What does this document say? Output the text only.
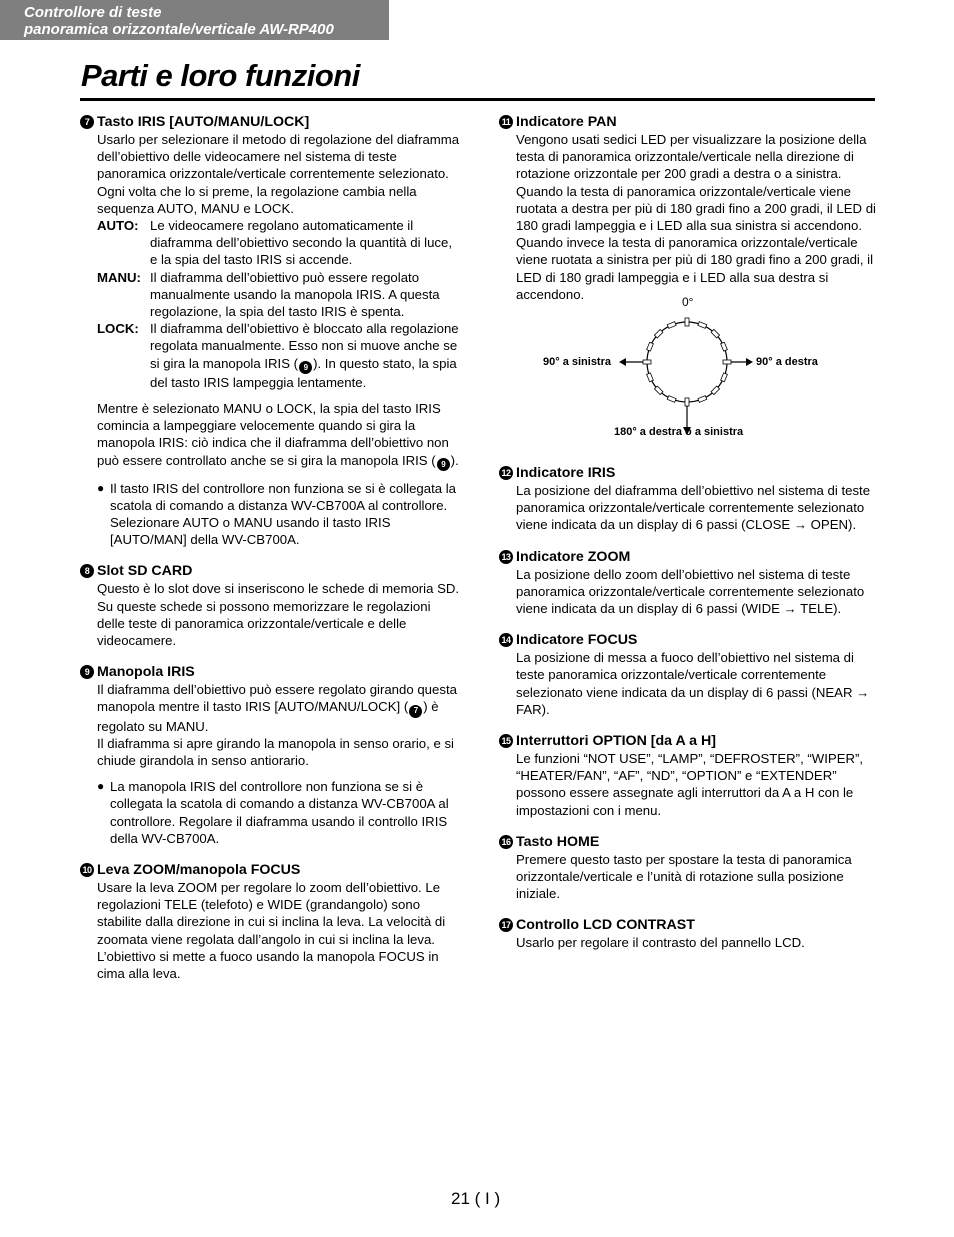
Controllore di teste
panoramica orizzontale/verticale AW-RP400
Parti e loro funzioni
7 Tasto IRIS [AUTO/MANU/LOCK]

Usarlo per selezionare il metodo di regolazione del diaframma dell’obiettivo delle videocamere nel sistema di teste panoramica orizzontale/verticale correntemente selezionato.

Ogni volta che lo si preme, la regolazione cambia nella sequenza AUTO, MANU e LOCK.

AUTO: Le videocamere regolano automaticamente il diaframma dell’obiettivo secondo la quantità di luce, e la spia del tasto IRIS si accende.
MANU: Il diaframma dell’obiettivo può essere regolato manualmente usando la manopola IRIS. A questa regolazione, la spia del tasto IRIS è spenta.
LOCK: Il diaframma dell’obiettivo è bloccato alla regolazione regolata manualmente. Esso non si muove anche se si gira la manopola IRIS ( 9 ). In questo stato, la spia del tasto IRIS lampeggia lentamente.

Mentre è selezionato MANU o LOCK, la spia del tasto IRIS comincia a lampeggiare velocemente quando si gira la manopola IRIS: ciò indica che il diaframma dell’obiettivo non può essere controllato anche se si gira la manopola IRIS ( 9 ).

● Il tasto IRIS del controllore non funziona se si è collegata la scatola di comando a distanza WV-CB700A al controllore. Selezionare AUTO o MANU usando il tasto IRIS [AUTO/MAN] della WV-CB700A.
8 Slot SD CARD

Questo è lo slot dove si inseriscono le schede di memoria SD.

Su queste schede si possono memorizzare le regolazioni delle teste di panoramica orizzontale/verticale e delle videocamere.

9 Manopola IRIS

Il diaframma dell’obiettivo può essere regolato girando questa manopola mentre il tasto IRIS [AUTO/MANU/LOCK] ( 7 ) è regolato su MANU.

Il diaframma si apre girando la manopola in senso orario, e si chiude girandola in senso antiorario.

● La manopola IRIS del controllore non funziona se si è collegata la scatola di comando a distanza WV-CB700A al controllore. Regolare il diaframma usando il controllo IRIS della WV-CB700A.
10 Leva ZOOM/manopola FOCUS

Usare la leva ZOOM per regolare lo zoom dell’obiettivo. Le regolazioni TELE (telefoto) e WIDE (grandangolo) sono stabilite dalla direzione in cui si inclina la leva. La velocità di zoomata viene regolata dall’angolo in cui si inclina la leva.

L’obiettivo si mette a fuoco usando la manopola FOCUS in cima alla leva.

11 Indicatore PAN

Vengono usati sedici LED per visualizzare la posizione della testa di panoramica orizzontale/verticale nella direzione di rotazione orizzontale per 200 gradi a destra o a sinistra.

Quando la testa di panoramica orizzontale/verticale viene ruotata a destra per più di 180 gradi fino a 200 gradi, il LED di 180 gradi lampeggia e i LED alla sua sinistra si accendono.

Quando invece la testa di panoramica orizzontale/verticale viene ruotata a sinistra per più di 180 gradi fino a 200 gradi, il LED di 180 gradi lampeggia e i LED alla sua destra si accendono.

0°
90° a sinistra	90° a destra
180° a destra o a sinistra
12 Indicatore IRIS

La posizione del diaframma dell’obiettivo nel sistema di teste panoramica orizzontale/verticale correntemente selezionato viene indicata da un display di 6 passi (CLOSE → OPEN).

13 Indicatore ZOOM

La posizione dello zoom dell’obiettivo nel sistema di teste panoramica orizzontale/verticale correntemente selezionato viene indicata da un display di 6 passi (WIDE → TELE).

14 Indicatore FOCUS

La posizione di messa a fuoco dell’obiettivo nel sistema di teste panoramica orizzontale/verticale correntemente selezionato viene indicata da un display di 6 passi (NEAR → FAR).

15 Interruttori OPTION [da A a H]

Le funzioni “NOT USE”, “LAMP”, “DEFROSTER”, “WIPER”, “HEATER/FAN”, “AF”, “ND”, “OPTION” e “EXTENDER” possono essere assegnate agli interruttori da A a H con le impostazioni con i menu.

16 Tasto HOME

Premere questo tasto per spostare la testa di panoramica orizzontale/verticale e l’unità di rotazione sulla posizione iniziale.

17 Controllo LCD CONTRAST

Usarlo per regolare il contrasto del pannello LCD.

21 ( I )
